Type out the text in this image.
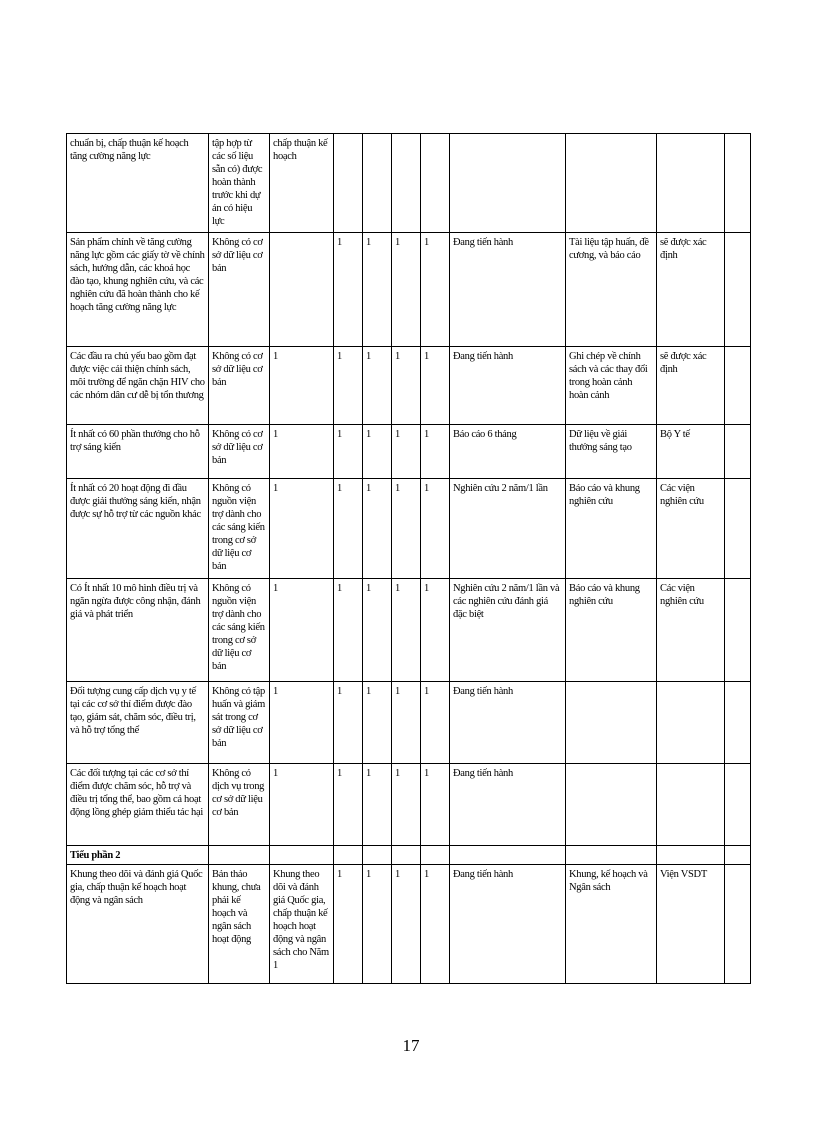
chuẩn bị, chấp thuận kế hoạch tăng cường năng lực	tập hợp từ các số liệu sẵn có) được hoàn thành trước khi dự án có hiệu lực	chấp thuận kế hoạch								
Sản phẩm chính về tăng cường năng lực gồm các giấy tờ về chính sách, hướng dẫn, các khoá học đào tạo, khung nghiên cứu, và các nghiên cứu đã hoàn thành cho kế hoạch tăng cường năng lực	Không có cơ sở dữ liệu cơ bản		1	1	1	1	Đang tiến hành	Tài liệu tập huấn, đề cương, và báo cáo	sẽ được xác định	
Các đầu ra chủ yếu bao gồm đạt được việc cải thiện chính sách, môi trường để ngăn chặn HIV cho các nhóm dân cư dễ bị tổn thương	Không có cơ sở dữ liệu cơ bản	1	1	1	1	1	Đang tiến hành	Ghi chép về chính sách và các thay đổi trong hoàn cảnh hoàn cảnh	sẽ được xác định	
Ít nhất có 60 phần thưởng cho hỗ trợ sáng kiến	Không có cơ sở dữ liệu cơ bản	1	1	1	1	1	Báo cáo 6 tháng	Dữ liệu về giải thưởng sáng tạo	Bộ Y tế	
Ít nhất có 20 hoạt động đi đầu được giải thưởng sáng kiến, nhận được sự hỗ trợ từ các nguồn khác	Không có nguồn viện trợ dành cho các sáng kiến trong cơ sở dữ liệu cơ bản	1	1	1	1	1	Nghiên cứu 2 năm/1 lần	Báo cáo và khung nghiên cứu	Các viện nghiên cứu	
Có Ít nhất 10 mô hình điều trị và ngăn ngừa được công nhận, đánh giá và phát triển	Không có nguồn viện trợ dành cho các sáng kiến trong cơ sở dữ liệu cơ bản	1	1	1	1	1	Nghiên cứu 2 năm/1 lần và các nghiên cứu đánh giá đặc biệt	Báo cáo và khung nghiên cứu	Các viện nghiên cứu	
Đối tượng cung cấp dịch vụ y tế tại các cơ sở thí điểm được đào tạo, giám sát, chăm sóc, điều trị, và hỗ trợ tổng thể	Không có tập huấn và giám sát trong cơ sở dữ liệu cơ bản	1	1	1	1	1	Đang tiến hành			
Các đối tượng tại các cơ sở thí điểm được chăm sóc, hỗ trợ và điều trị tổng thể, bao gồm cả hoạt động lồng ghép giảm thiểu tác hại	Không có dịch vụ trong cơ sở dữ liệu cơ bản	1	1	1	1	1	Đang tiến hành			
Tiểu phần 2										
Khung theo dõi và đánh giá Quốc gia, chấp thuận kế hoạch hoạt động và ngân sách	Bản thảo khung, chưa phải kế hoạch và ngân sách hoạt động	Khung theo dõi và đánh giá Quốc gia, chấp thuận kế hoạch hoạt động và ngân sách cho Năm 1	1	1	1	1	Đang tiến hành	Khung, kế hoạch và Ngân sách	Viện VSDT	
17
